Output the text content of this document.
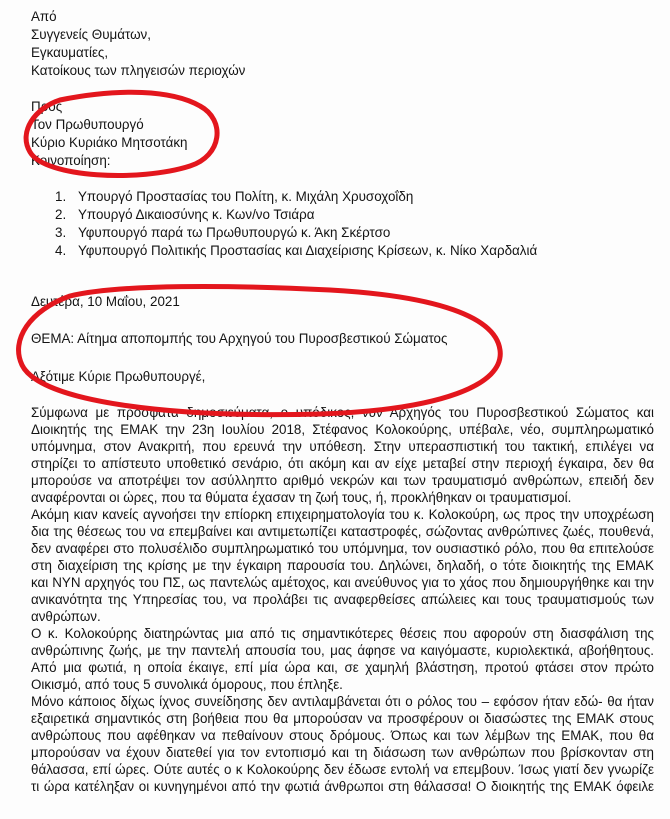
Από
Συγγενείς Θυμάτων,
Εγκαυματίες,
Κατοίκους των πληγεισών περιοχών
Προς
Τον Πρωθυπουργό
Κύριο Κυριάκο Μητσοτάκη
Κοινοποίηση:
1. Υπουργό Προστασίας του Πολίτη, κ. Μιχάλη Χρυσοχοΐδη
2. Υπουργό Δικαιοσύνης κ. Κων/νο Τσιάρα
3. Υφυπουργό παρά τω Πρωθυπουργώ κ. Άκη Σκέρτσο
4. Υφυπουργό Πολιτικής Προστασίας και Διαχείρισης Κρίσεων, κ. Νίκο Χαρδαλιά
Δευτέρα, 10 Μαΐου, 2021
ΘΕΜΑ: Αίτημα αποπομπής του Αρχηγού του Πυροσβεστικού Σώματος
Αξότιμε Κύριε Πρωθυπουργέ,
Σύμφωνα με πρόσφατα δημοσιεύματα, ο υπόδικος, νυν Αρχηγός του Πυροσβεστικού Σώματος και
Διοικητής της ΕΜΑΚ την 23η Ιουλίου 2018, Στέφανος Κολοκούρης, υπέβαλε, νέο, συμπληρωματικό
υπόμνημα, στον Ανακριτή, που ερευνά την υπόθεση. Στην υπερασπιστική του τακτική, επιλέγει να
στηρίζει το απίστευτο υποθετικό σενάριο, ότι ακόμη και αν είχε μεταβεί στην περιοχή έγκαιρα, δεν θα
μπορούσε να αποτρέψει τον ασύλληπτο αριθμό νεκρών και των τραυματισμό ανθρώπων, επειδή δεν
αναφέρονται οι ώρες, που τα θύματα έχασαν τη ζωή τους, ή, προκλήθηκαν οι τραυματισμοί.
Ακόμη κιαν κανείς αγνοήσει την επίορκη επιχειρηματολογία του κ. Κολοκούρη, ως προς την υποχρέωση
δια της θέσεως του να επεμβαίνει και αντιμετωπίζει καταστροφές, σώζοντας ανθρώπινες ζωές, πουθενά,
δεν αναφέρει στο πολυσέλιδο συμπληρωματικό του υπόμνημα, τον ουσιαστικό ρόλο, που θα επιτελούσε
στη διαχείριση της κρίσης με την έγκαιρη παρουσία του. Δηλώνει, δηλαδή, ο τότε διοικητής της ΕΜΑΚ
και ΝΥΝ αρχηγός του ΠΣ, ως παντελώς αμέτοχος, και ανεύθυνος για το χάος που δημιουργήθηκε και την
ανικανότητα της Υπηρεσίας του, να προλάβει τις αναφερθείσες απώλειες και τους τραυματισμούς των
ανθρώπων.
Ο κ. Κολοκούρης διατηρώντας μια από τις σημαντικότερες θέσεις που αφορούν στη διασφάλιση της
ανθρώπινης ζωής, με την παντελή απουσία του, μας άφησε να καιγόμαστε, κυριολεκτικά, αβοήθητους.
Από μια φωτιά, η οποία έκαιγε, επί μία ώρα και, σε χαμηλή βλάστηση, προτού φτάσει στον πρώτο
Οικισμό, από τους 5 συνολικά όμορους, που έπληξε.
Μόνο κάποιος δίχως ίχνος συνείδησης δεν αντιλαμβάνεται ότι ο ρόλος του – εφόσον ήταν εδώ- θα ήταν
εξαιρετικά σημαντικός στη βοήθεια που θα μπορούσαν να προσφέρουν οι διασώστες της ΕΜΑΚ στους
ανθρώπους που αφέθηκαν να πεθαίνουν στους δρόμους. Όπως και των λέμβων της ΕΜΑΚ, που θα
μπορούσαν να έχουν διατεθεί για τον εντοπισμό και τη διάσωση των ανθρώπων που βρίσκονταν στη
θάλασσα, επί ώρες. Ούτε αυτές ο κ Κολοκούρης δεν έδωσε εντολή να επεμβουν. Ίσως γιατί δεν γνωρίζε
τι ώρα κατέληξαν οι κυνηγημένοι από την φωτιά άνθρωποι στη θάλασσα! Ο διοικητής της ΕΜΑΚ όφειλε
